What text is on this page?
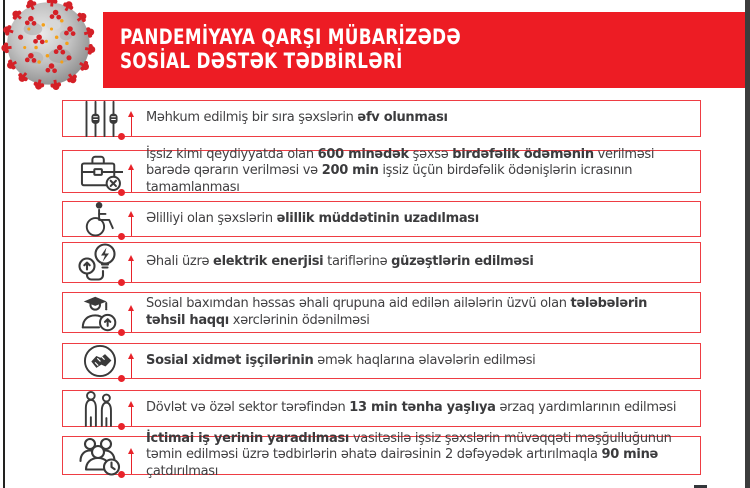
PANDEMİYAYA QARŞI MÜBARİZƏDƏ
SOSİAL DƏSTƏK TƏDBİRLƏRİ

Məhkum edilmiş bir sıra şəxslərin əfv olunması

İşsiz kimi qeydiyyatda olan 600 minədək şəxsə birdəfəlik ödəmənin verilməsi barədə qərarın verilməsi və 200 min işsiz üçün birdəfəlik ödənişlərin icrasının tamamlanması

Əlilliyi olan şəxslərin əlillik müddətinin uzadılması

Əhali üzrə elektrik enerjisi tariflərinə güzəştlərin edilməsi

Sosial baxımdan həssas əhali qrupuna aid edilən ailələrin üzvü olan tələbələrin təhsil haqqı xərclərinin ödənilməsi

Sosial xidmət işçilərinin əmək haqlarına əlavələrin edilməsi

Dövlət və özəl sektor tərəfindən 13 min tənha yaşlıya ərzaq yardımlarının edilməsi

İctimai iş yerinin yaradılması vasitəsilə işsiz şəxslərin müvəqqəti məşğulluğunun təmin edilməsi üzrə tədbirlərin əhatə dairəsinin 2 dəfəyədək artırılmaqla 90 minə çatdırılması
